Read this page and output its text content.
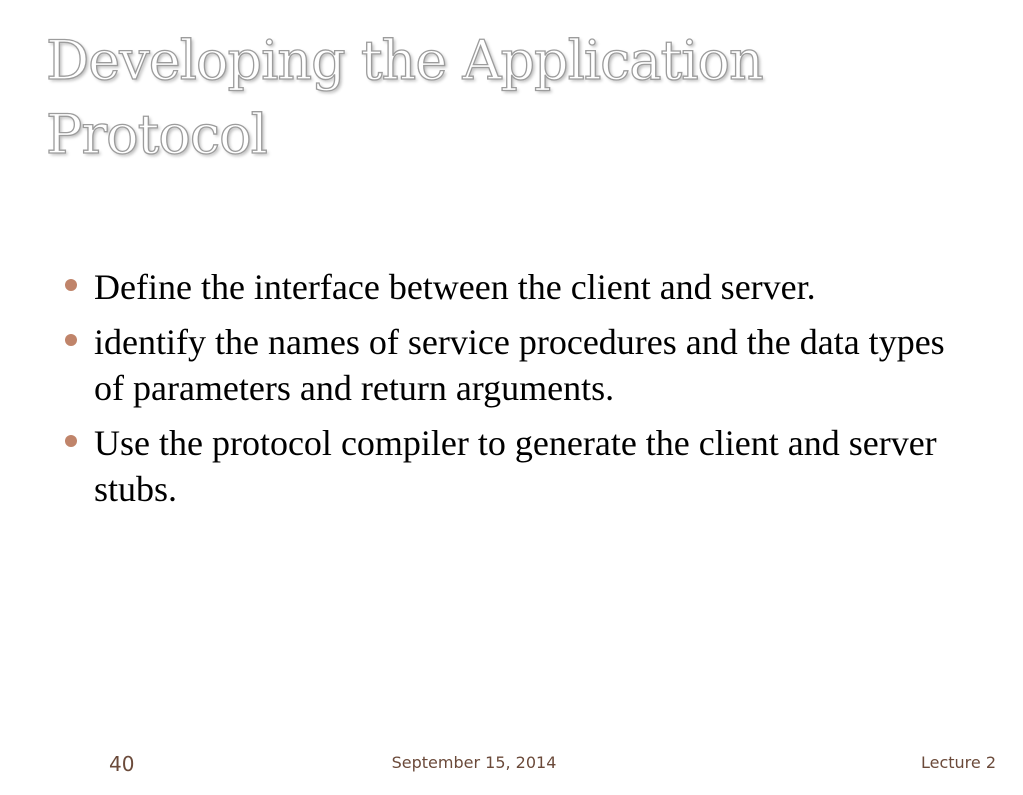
Developing the Application Protocol
Define the interface between the client and server.
identify the names of service procedures and the data types of parameters and return arguments.
Use the protocol compiler to generate the client and server stubs.
40	September 15, 2014	Lecture 2
